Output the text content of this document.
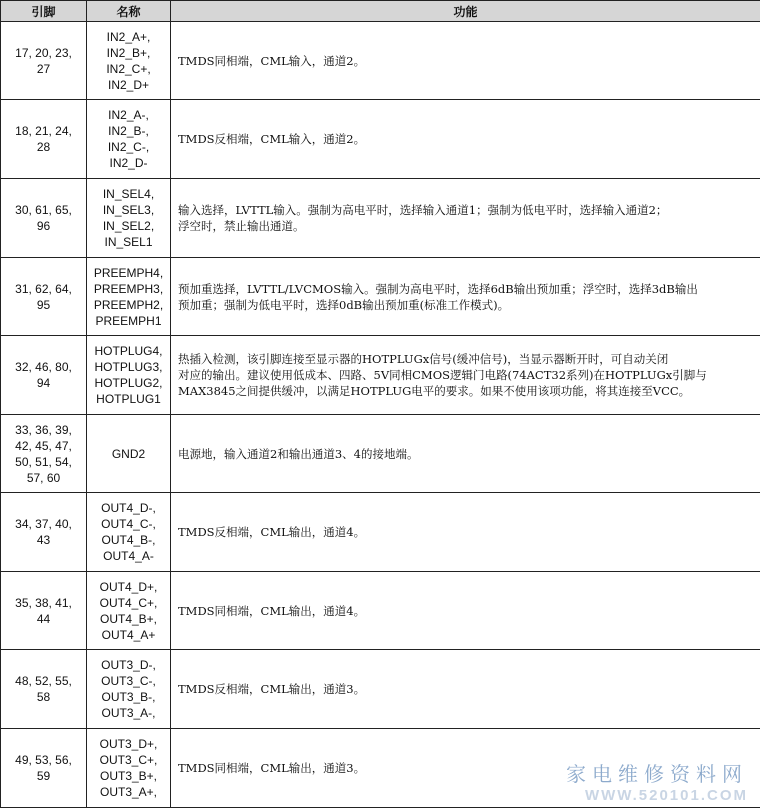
引脚	名称	功能

17, 20, 23,
27	IN2_A+,
IN2_B+,
IN2_C+,
IN2_D+	TMDS同相端，CML输入，通道2。

18, 21, 24,
28	IN2_A-,
IN2_B-,
IN2_C-,
IN2_D-	TMDS反相端，CML输入，通道2。

30, 61, 65,
96	IN_SEL4,
IN_SEL3,
IN_SEL2,
IN_SEL1	输入选择，LVTTL输入。强制为高电平时，选择输入通道1；强制为低电平时，选择输入通道2；
浮空时，禁止输出通道。

31, 62, 64,
95	PREEMPH4,
PREEMPH3,
PREEMPH2,
PREEMPH1	预加重选择，LVTTL/LVCMOS输入。强制为高电平时，选择6dB输出预加重；浮空时，选择3dB输出
预加重；强制为低电平时，选择0dB输出预加重(标准工作模式)。

32, 46, 80,
94	HOTPLUG4,
HOTPLUG3,
HOTPLUG2,
HOTPLUG1	热插入检测，该引脚连接至显示器的HOTPLUGx信号(缓冲信号)，当显示器断开时，可自动关闭
对应的输出。建议使用低成本、四路、5V同相CMOS逻辑门电路(74ACT32系列)在HOTPLUGx引脚与
MAX3845之间提供缓冲，以满足HOTPLUG电平的要求。如果不使用该项功能，将其连接至VCC。

33, 36, 39,
42, 45, 47,
50, 51, 54,
57, 60	GND2	电源地，输入通道2和输出通道3、4的接地端。

34, 37, 40,
43	OUT4_D-,
OUT4_C-,
OUT4_B-,
OUT4_A-	TMDS反相端，CML输出，通道4。

35, 38, 41,
44	OUT4_D+,
OUT4_C+,
OUT4_B+,
OUT4_A+	TMDS同相端，CML输出，通道4。

48, 52, 55,
58	OUT3_D-,
OUT3_C-,
OUT3_B-,
OUT3_A-,	TMDS反相端，CML输出，通道3。

49, 53, 56,
59	OUT3_D+,
OUT3_C+,
OUT3_B+,
OUT3_A+,	TMDS同相端，CML输出，通道3。	家电维修资料网
WWW.520101.COM
